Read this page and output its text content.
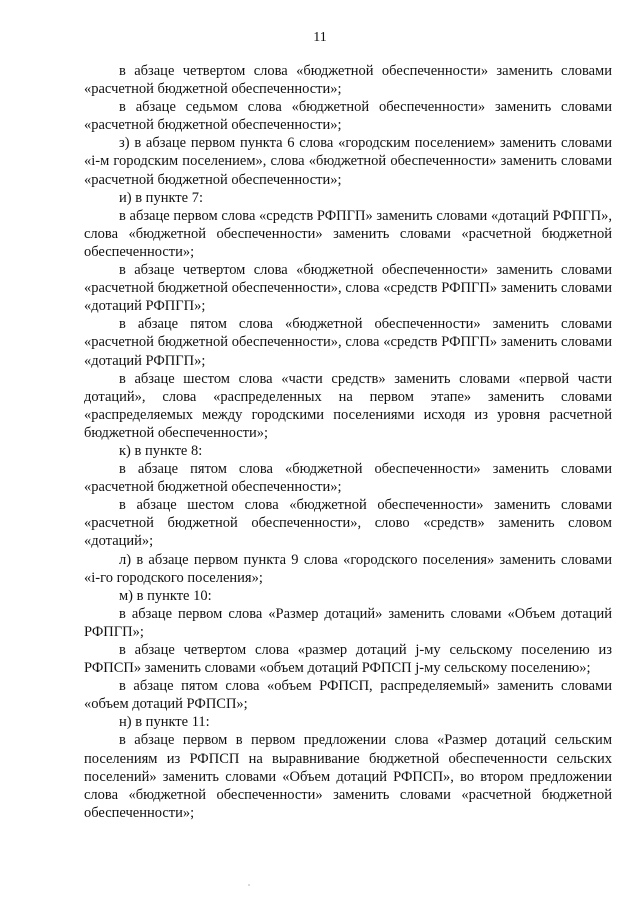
11

в абзаце четвертом слова «бюджетной обеспеченности» заменить словами «расчетной бюджетной обеспеченности»;

в абзаце седьмом слова «бюджетной обеспеченности» заменить словами «расчетной бюджетной обеспеченности»;

з) в абзаце первом пункта 6 слова «городским поселением» заменить словами «i-м городским поселением», слова «бюджетной обеспеченности» заменить словами «расчетной бюджетной обеспеченности»;

и) в пункте 7:

в абзаце первом слова «средств РФПГП» заменить словами «дотаций РФПГП», слова «бюджетной обеспеченности» заменить словами «расчетной бюджетной обеспеченности»;

в абзаце четвертом слова «бюджетной обеспеченности» заменить словами «расчетной бюджетной обеспеченности», слова «средств РФПГП» заменить словами «дотаций РФПГП»;

в абзаце пятом слова «бюджетной обеспеченности» заменить словами «расчетной бюджетной обеспеченности», слова «средств РФПГП» заменить словами «дотаций РФПГП»;

в абзаце шестом слова «части средств» заменить словами «первой части дотаций», слова «распределенных на первом этапе» заменить словами «распределяемых между городскими поселениями исходя из уровня расчетной бюджетной обеспеченности»;

к) в пункте 8:

в абзаце пятом слова «бюджетной обеспеченности» заменить словами «расчетной бюджетной обеспеченности»;

в абзаце шестом слова «бюджетной обеспеченности» заменить словами «расчетной бюджетной обеспеченности», слово «средств» заменить словом «дотаций»;

л) в абзаце первом пункта 9 слова «городского поселения» заменить словами «i-го городского поселения»;

м) в пункте 10:

в абзаце первом слова «Размер дотаций» заменить словами «Объем дотаций РФПГП»;

в абзаце четвертом слова «размер дотаций j-му сельскому поселению из РФПСП» заменить словами «объем дотаций РФПСП j-му сельскому поселению»;

в абзаце пятом слова «объем РФПСП, распределяемый» заменить словами «объем дотаций РФПСП»;

н) в пункте 11:

в абзаце первом в первом предложении слова «Размер дотаций сельским поселениям из РФПСП на выравнивание бюджетной обеспеченности сельских поселений» заменить словами «Объем дотаций РФПСП», во втором предложении слова «бюджетной обеспеченности» заменить словами «расчетной бюджетной обеспеченности»;
